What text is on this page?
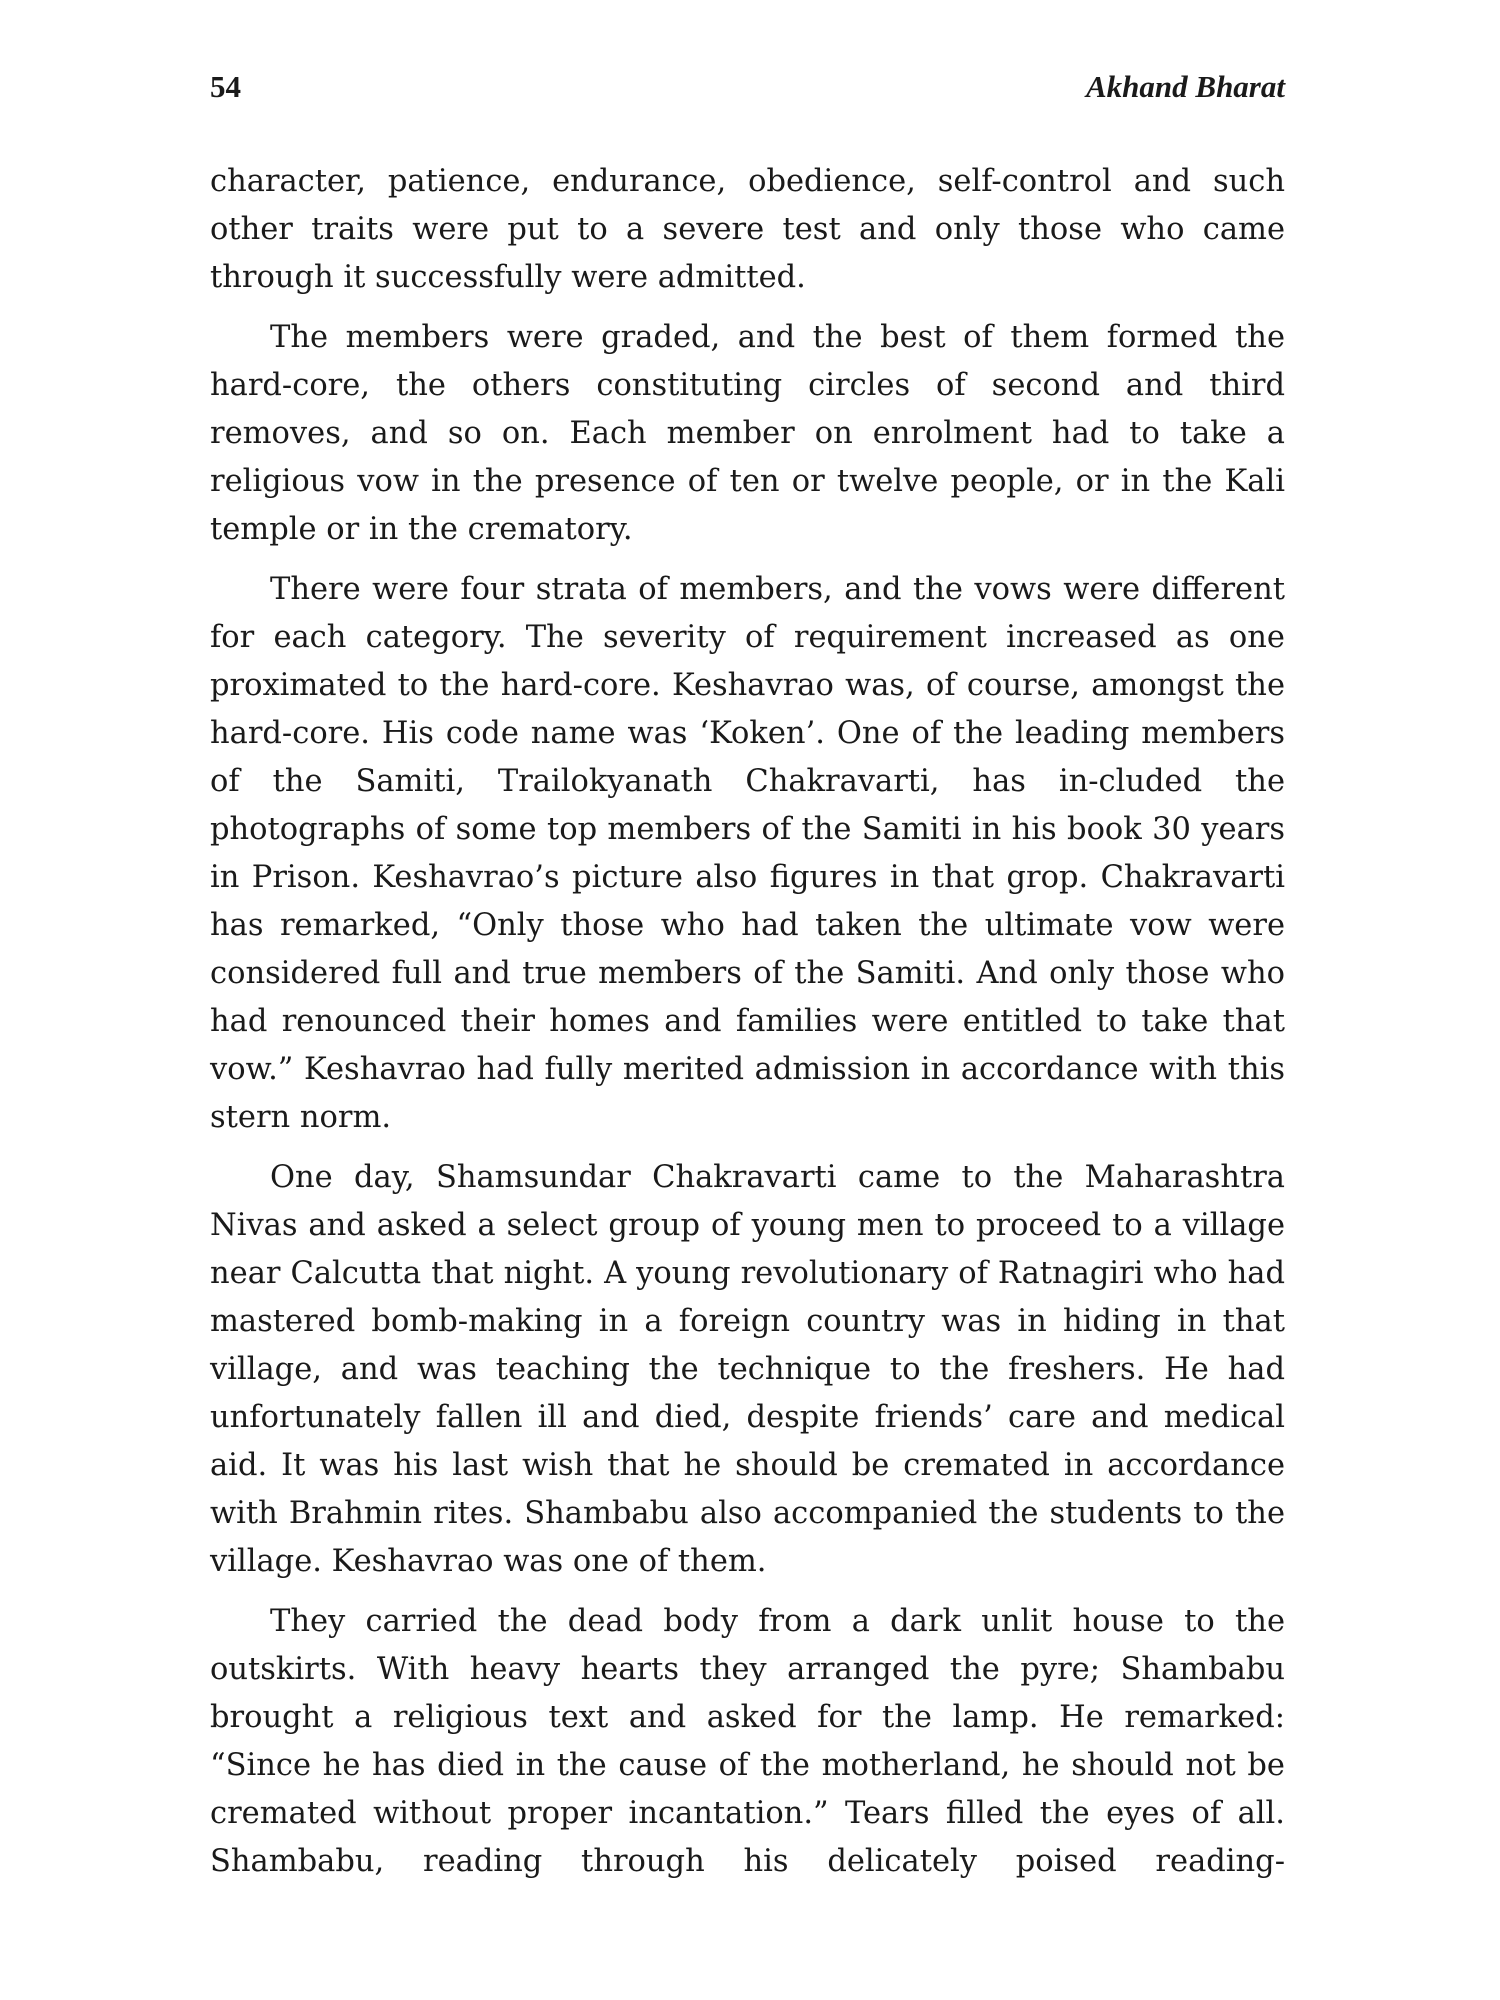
54	Akhand Bharat

character, patience, endurance, obedience, self-control and such other traits were put to a severe test and only those who came through it successfully were admitted.

The members were graded, and the best of them formed the hard-core, the others constituting circles of second and third removes, and so on. Each member on enrolment had to take a religious vow in the presence of ten or twelve people, or in the Kali temple or in the crematory.

There were four strata of members, and the vows were different for each category. The severity of requirement increased as one proximated to the hard-core. Keshavrao was, of course, amongst the hard-core. His code name was ‘Koken’. One of the leading members of the Samiti, Trailokyanath Chakravarti, has in-cluded the photographs of some top members of the Samiti in his book 30 years in Prison. Keshavrao’s picture also figures in that grop. Chakravarti has remarked, “Only those who had taken the ultimate vow were considered full and true members of the Samiti. And only those who had renounced their homes and families were entitled to take that vow.” Keshavrao had fully merited admission in accordance with this stern norm.

One day, Shamsundar Chakravarti came to the Maharashtra Nivas and asked a select group of young men to proceed to a village near Calcutta that night. A young revolutionary of Ratnagiri who had mastered bomb-making in a foreign country was in hiding in that village, and was teaching the technique to the freshers. He had unfortunately fallen ill and died, despite friends’ care and medical aid. It was his last wish that he should be cremated in accordance with Brahmin rites. Shambabu also accompanied the students to the village. Keshavrao was one of them.

They carried the dead body from a dark unlit house to the outskirts. With heavy hearts they arranged the pyre; Shambabu brought a religious text and asked for the lamp. He remarked: “Since he has died in the cause of the motherland, he should not be cremated without proper incantation.” Tears filled the eyes of all. Shambabu, reading through his delicately poised reading-
